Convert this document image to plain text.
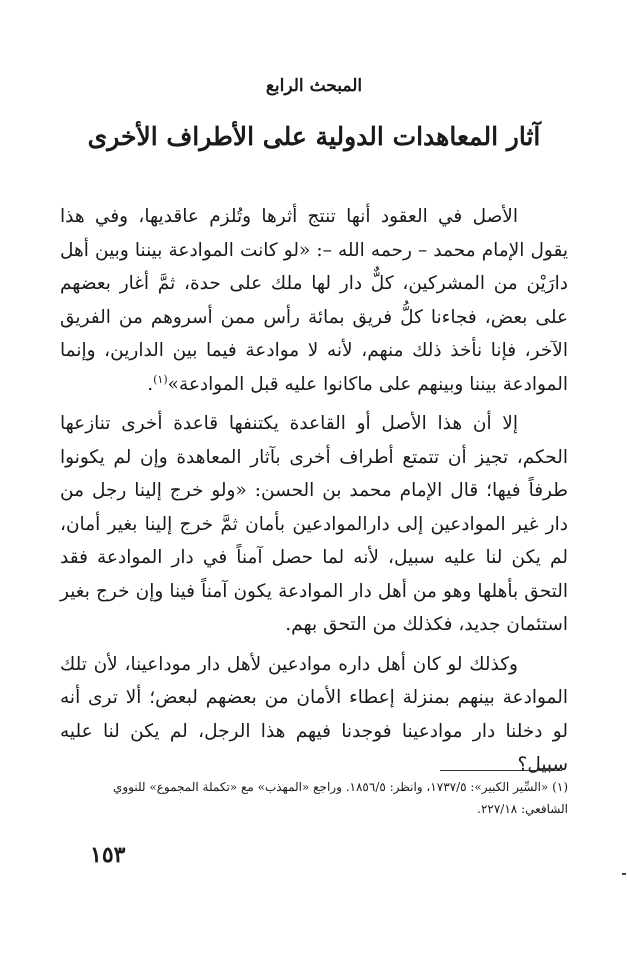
المبحث الرابع
آثار المعاهدات الدولية على الأطراف الأخرى

الأصل في العقود أنها تنتج أثرها وتُلزم عاقديها، وفي هذا يقول الإمام محمد – رحمه الله –: «لو كانت الموادعة بيننا وبين أهل دارَيْن من المشركين، كلٌّ دار لها ملك على حدة، ثمَّ أغار بعضهم على بعض، فجاءنا كلُّ فريق بمائة رأس ممن أسروهم من الفريق الآخر، فإنا نأخذ ذلك منهم، لأنه لا موادعة فيما بين الدارين، وإنما الموادعة بيننا وبينهم على ماكانوا عليه قبل الموادعة»$^{(١)}$.

إلا أن هذا الأصل أو القاعدة يكتنفها قاعدة أخرى تنازعها الحكم، تجيز أن تتمتع أطراف أخرى بآثار المعاهدة وإن لم يكونوا طرفاً فيها؛ قال الإمام محمد بن الحسن: «ولو خرج إلينا رجل من دار غير الموادعين إلى دارالموادعين بأمان ثمَّ خرج إلينا بغير أمان، لم يكن لنا عليه سبيل، لأنه لما حصل آمناً في دار الموادعة فقد التحق بأهلها وهو من أهل دار الموادعة يكون آمناً فينا وإن خرج بغير استئمان جديد، فكذلك من التحق بهم.

وكذلك لو كان أهل داره موادعين لأهل دار موداعينا، لأن تلك الموادعة بينهم بمنزلة إعطاء الأمان من بعضهم لبعض؛ ألا ترى أنه لو دخلنا دار موادعينا فوجدنا فيهم هذا الرجل، لم يكن لنا عليه سبيل؟

(١) «السِّير الكبير»: ١٧٣٧/٥، وانظر: ١٨٥٦/٥. وراجع «المهذب» مع «تكملة المجموع» للنووي
الشافعي: ٢٢٧/١٨.
١٥٣
